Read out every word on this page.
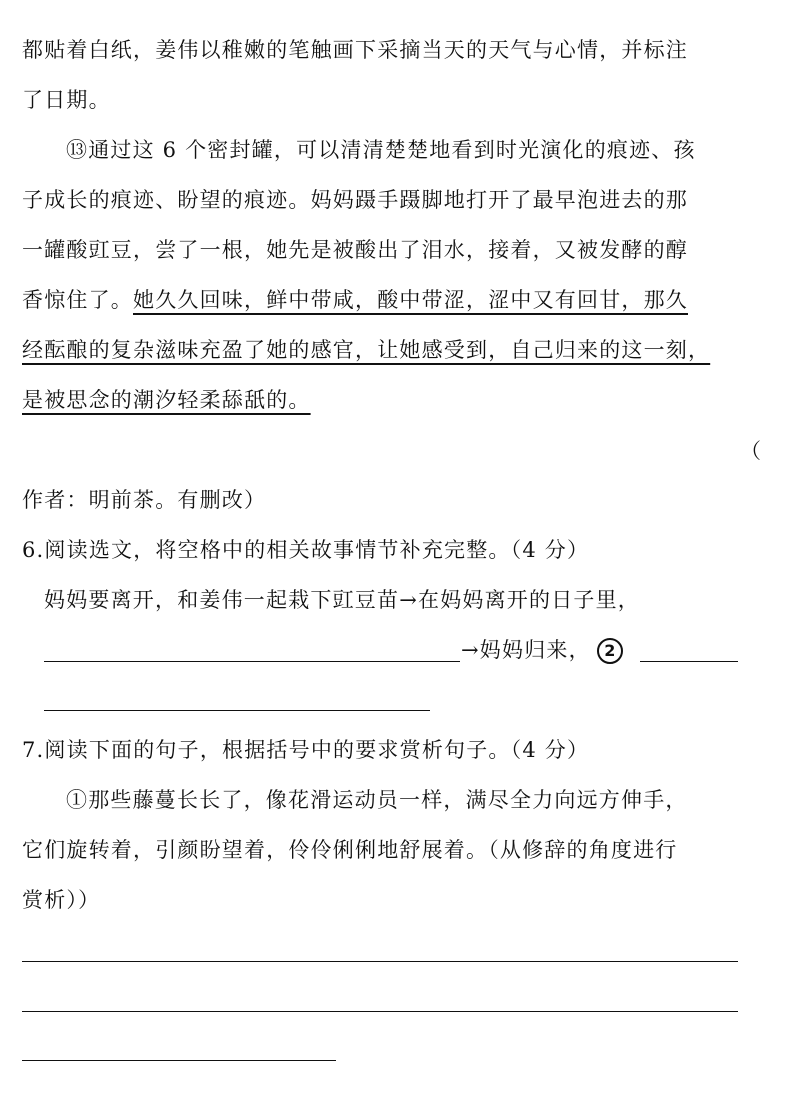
都贴着白纸，姜伟以稚嫩的笔触画下采摘当天的天气与心情，并标注
了日期。
⑬通过这 6 个密封罐，可以清清楚楚地看到时光演化的痕迹、孩
子成长的痕迹、盼望的痕迹。妈妈蹑手蹑脚地打开了最早泡进去的那
一罐酸豇豆，尝了一根，她先是被酸出了泪水，接着，又被发酵的醇
香惊住了。她久久回味，鲜中带咸，酸中带涩，涩中又有回甘，那久
经酝酿的复杂滋味充盈了她的感官，让她感受到，自己归来的这一刻，
是被思念的潮汐轻柔舔舐的。
（
作者：明前茶。有删改）
6.阅读选文，将空格中的相关故事情节补充完整。（4 分）
妈妈要离开，和姜伟一起栽下豇豆苗→在妈妈离开的日子里，
→妈妈归来， 2
7.阅读下面的句子，根据括号中的要求赏析句子。（4 分）
①那些藤蔓长长了，像花滑运动员一样，满尽全力向远方伸手，
它们旋转着，引颜盼望着，伶伶俐俐地舒展着。（从修辞的角度进行
赏析））
